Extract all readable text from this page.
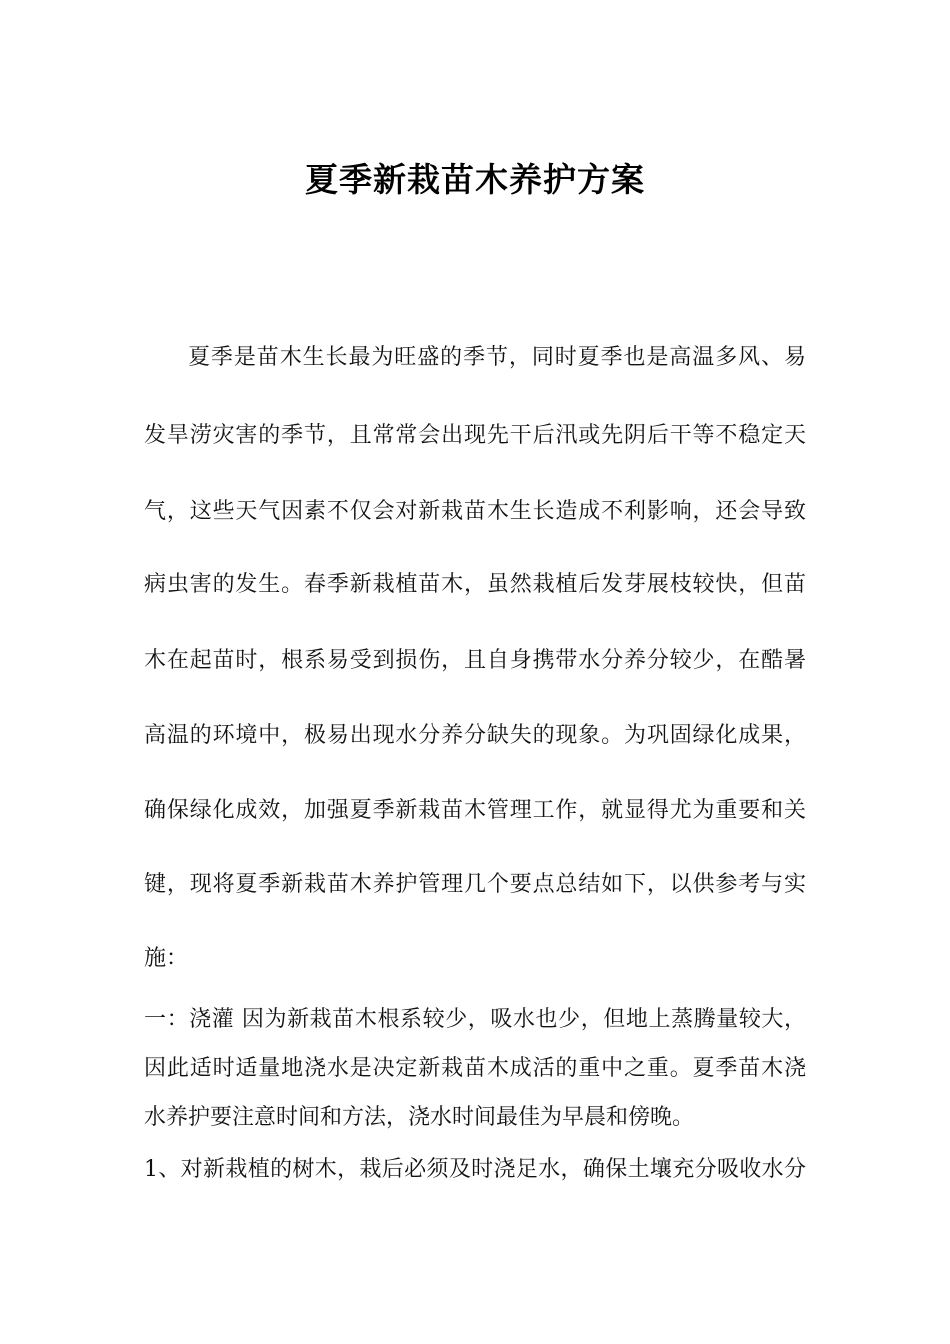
夏季新栽苗木养护方案
夏季是苗木生长最为旺盛的季节，同时夏季也是高温多风、易
发旱涝灾害的季节，且常常会出现先干后汛或先阴后干等不稳定天
气，这些天气因素不仅会对新栽苗木生长造成不利影响，还会导致
病虫害的发生。春季新栽植苗木，虽然栽植后发芽展枝较快，但苗
木在起苗时，根系易受到损伤，且自身携带水分养分较少，在酷暑
高温的环境中，极易出现水分养分缺失的现象。为巩固绿化成果，
确保绿化成效，加强夏季新栽苗木管理工作，就显得尤为重要和关
键，现将夏季新栽苗木养护管理几个要点总结如下，以供参考与实
施：
一：浇灌 因为新栽苗木根系较少，吸水也少，但地上蒸腾量较大，
因此适时适量地浇水是决定新栽苗木成活的重中之重。夏季苗木浇
水养护要注意时间和方法，浇水时间最佳为早晨和傍晚。
1、对新栽植的树木，栽后必须及时浇足水，确保土壤充分吸收水分
